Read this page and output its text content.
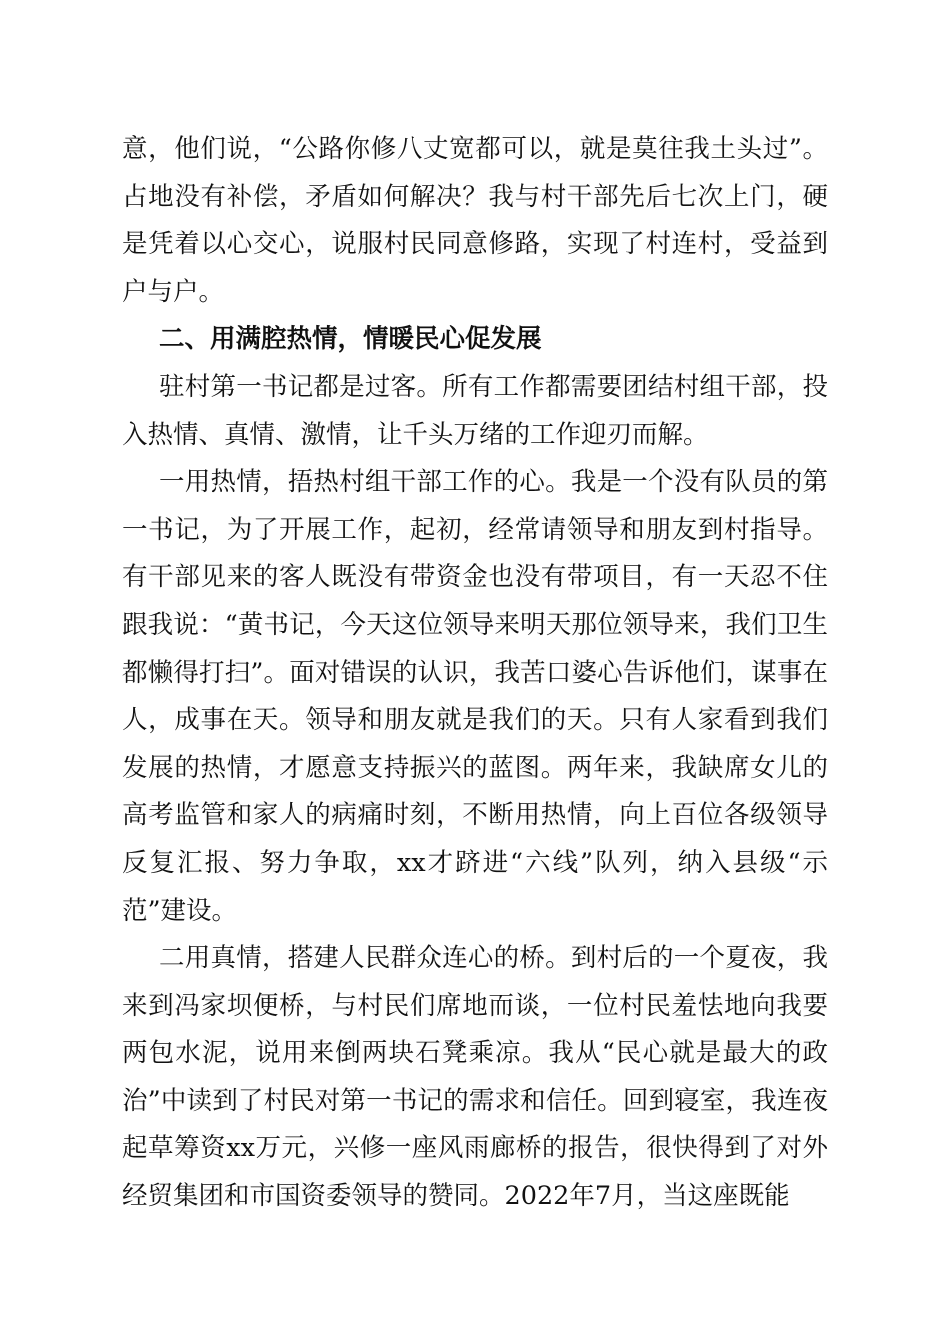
意，他们说，“公路你修八丈宽都可以，就是莫往我土头过”。占地没有补偿，矛盾如何解决？我与村干部先后七次上门，硬是凭着以心交心，说服村民同意修路，实现了村连村，受益到户与户。

二、用满腔热情，情暖民心促发展

驻村第一书记都是过客。所有工作都需要团结村组干部，投入热情、真情、激情，让千头万绪的工作迎刃而解。

一用热情，捂热村组干部工作的心。我是一个没有队员的第一书记，为了开展工作，起初，经常请领导和朋友到村指导。有干部见来的客人既没有带资金也没有带项目，有一天忍不住跟我说：“黄书记，今天这位领导来明天那位领导来，我们卫生都懒得打扫”。面对错误的认识，我苦口婆心告诉他们，谋事在人，成事在天。领导和朋友就是我们的天。只有人家看到我们发展的热情，才愿意支持振兴的蓝图。两年来，我缺席女儿的高考监管和家人的病痛时刻，不断用热情，向上百位各级领导反复汇报、努力争取，xx才跻进“六线”队列，纳入县级“示范”建设。

二用真情，搭建人民群众连心的桥。到村后的一个夏夜，我来到冯家坝便桥，与村民们席地而谈，一位村民羞怯地向我要两包水泥，说用来倒两块石凳乘凉。我从“民心就是最大的政治”中读到了村民对第一书记的需求和信任。回到寝室，我连夜起草筹资xx万元，兴修一座风雨廊桥的报告，很快得到了对外经贸集团和市国资委领导的赞同。2022年7月，当这座既能
